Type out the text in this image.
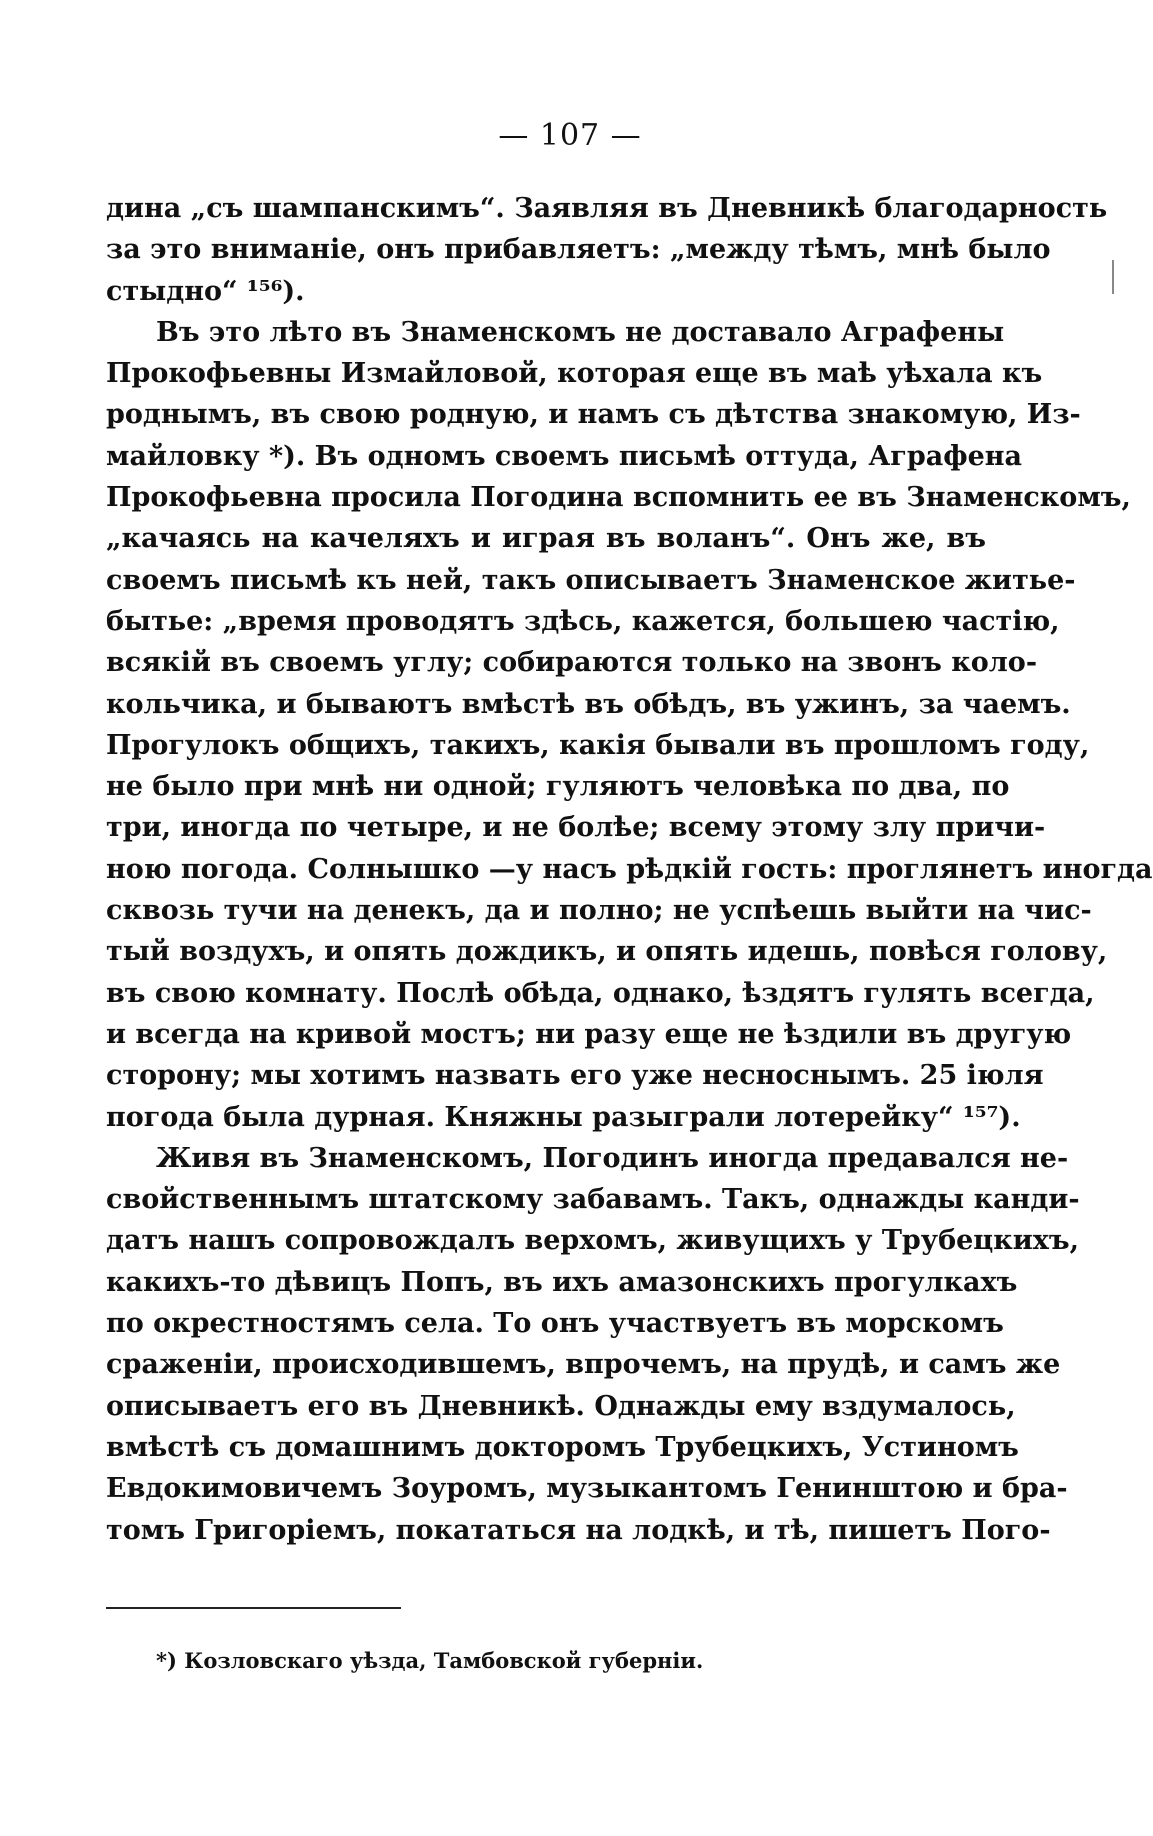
— 107 —

дина „съ шампанскимъ“. Заявляя въ Дневникѣ благодарность

за это вниманіе, онъ прибавляетъ: „между тѣмъ, мнѣ было

стыдно“ ¹⁵⁶).

Въ это лѣто въ Знаменскомъ не доставало Аграфены

Прокофьевны Измайловой, которая еще въ маѣ уѣхала къ

роднымъ, въ свою родную, и намъ съ дѣтства знакомую, Из-

майловку *). Въ одномъ своемъ письмѣ оттуда, Аграфена

Прокофьевна просила Погодина вспомнить ее въ Знаменскомъ,

„качаясь на качеляхъ и играя въ воланъ“. Онъ же, въ

своемъ письмѣ къ ней, такъ описываетъ Знаменское житье-

бытье: „время проводятъ здѣсь, кажется, большею частію,

всякій въ своемъ углу; собираются только на звонъ коло-

кольчика, и бываютъ вмѣстѣ въ обѣдъ, въ ужинъ, за чаемъ.

Прогулокъ общихъ, такихъ, какія бывали въ прошломъ году,

не было при мнѣ ни одной; гуляютъ человѣка по два, по

три, иногда по четыре, и не болѣе; всему этому злу причи-

ною погода. Солнышко —у насъ рѣдкій гость: проглянетъ иногда

сквозь тучи на денекъ, да и полно; не успѣешь выйти на чис-

тый воздухъ, и опять дождикъ, и опять идешь, повѣся голову,

въ свою комнату. Послѣ обѣда, однако, ѣздятъ гулять всегда,

и всегда на кривой мостъ; ни разу еще не ѣздили въ другую

сторону; мы хотимъ назвать его уже несноснымъ. 25 іюля

погода была дурная. Княжны разыграли лотерейку“ ¹⁵⁷).

Живя въ Знаменскомъ, Погодинъ иногда предавался не-

свойственнымъ штатскому забавамъ. Такъ, однажды канди-

датъ нашъ сопровождалъ верхомъ, живущихъ у Трубецкихъ,

какихъ-то дѣвицъ Попъ, въ ихъ амазонскихъ прогулкахъ

по окрестностямъ села. То онъ участвуетъ въ морскомъ

сраженіи, происходившемъ, впрочемъ, на прудѣ, и самъ же

описываетъ его въ Дневникѣ. Однажды ему вздумалось,

вмѣстѣ съ домашнимъ докторомъ Трубецкихъ, Устиномъ

Евдокимовичемъ Зоуромъ, музыкантомъ Генинштою и бра-

томъ Григоріемъ, покататься на лодкѣ, и тѣ, пишетъ Пого-

*) Козловскаго уѣзда, Тамбовской губерніи.
